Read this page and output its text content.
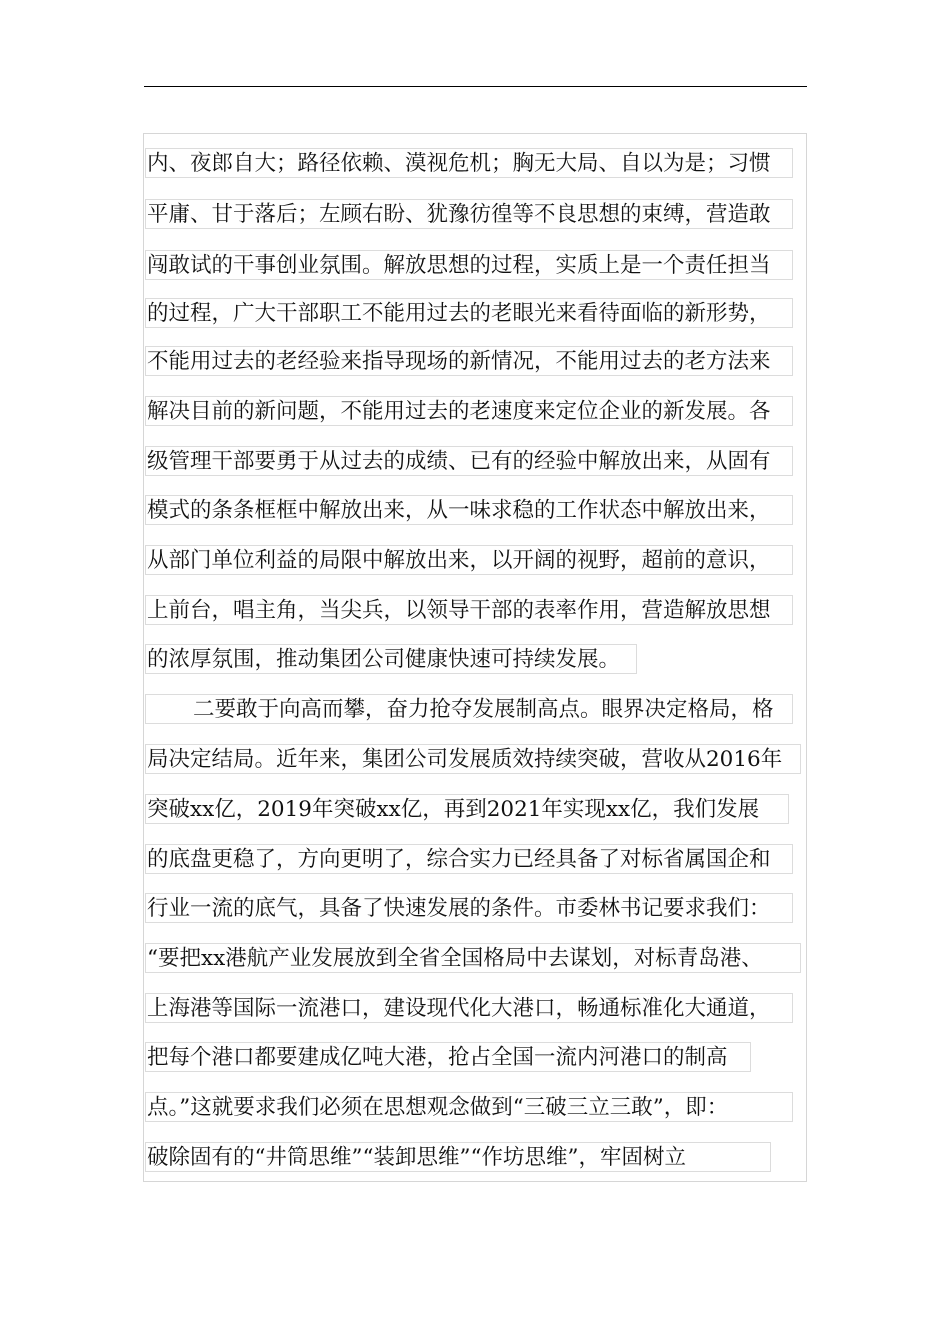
内、夜郎自大；路径依赖、漠视危机；胸无大局、自以为是；习惯
平庸、甘于落后；左顾右盼、犹豫彷徨等不良思想的束缚，营造敢
闯敢试的干事创业氛围。解放思想的过程，实质上是一个责任担当
的过程，广大干部职工不能用过去的老眼光来看待面临的新形势，
不能用过去的老经验来指导现场的新情况，不能用过去的老方法来
解决目前的新问题，不能用过去的老速度来定位企业的新发展。各
级管理干部要勇于从过去的成绩、已有的经验中解放出来，从固有
模式的条条框框中解放出来，从一味求稳的工作状态中解放出来，
从部门单位利益的局限中解放出来，以开阔的视野，超前的意识，
上前台，唱主角，当尖兵，以领导干部的表率作用，营造解放思想
的浓厚氛围，推动集团公司健康快速可持续发展。
二要敢于向高而攀，奋力抢夺发展制高点。眼界决定格局，格
局决定结局。近年来，集团公司发展质效持续突破，营收从2016年
突破xx亿，2019年突破xx亿，再到2021年实现xx亿，我们发展
的底盘更稳了，方向更明了，综合实力已经具备了对标省属国企和
行业一流的底气，具备了快速发展的条件。市委林书记要求我们：
“要把xx港航产业发展放到全省全国格局中去谋划，对标青岛港、
上海港等国际一流港口，建设现代化大港口，畅通标准化大通道，
把每个港口都要建成亿吨大港，抢占全国一流内河港口的制高
点。”这就要求我们必须在思想观念做到“三破三立三敢”，即：
破除固有的“井筒思维”“装卸思维”“作坊思维”，牢固树立
